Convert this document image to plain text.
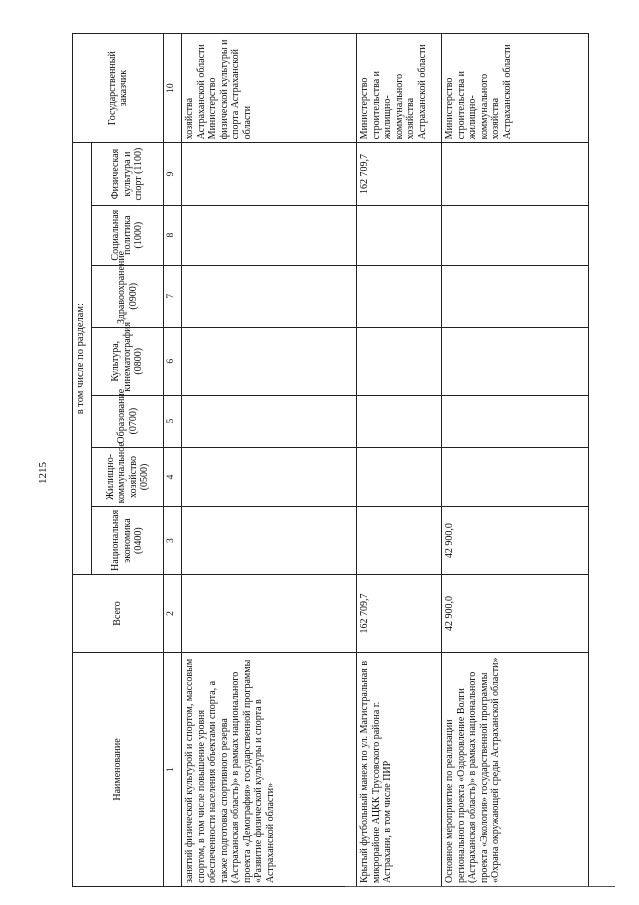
1215
Наименование	Всего	в том числе по разделам:							Государственный заказчик
		Национальная экономика (0400)	Жилищно-коммунальное хозяйство (0500)	Образование (0700)	Культура, кинематография (0800)	Здравоохранение (0900)	Социальная политика (1000)	Физическая культура и спорт (1100)	
1	2	3	4	5	6	7	8	9	10
занятий физической культурой и спортом, массовым спортом, в том числе повышение уровня обеспеченности населения объектами спорта, а также подготовка спортивного резерва (Астраханская область)» в рамках национального проекта «Демография» государственной программы «Развитие физической культуры и спорта в Астраханской области»									хозяйства Астраханской области Министерство физической культуры и спорта Астраханской области
Крытый футбольный манеж по ул. Магистральная в микрорайоне АЦКК Трусовского района г. Астрахани, в том числе ПИР	162 709,7							162 709,7	Министерство строительства и жилищно-коммунального хозяйства Астраханской области
Основное мероприятие по реализации регионального проекта «Оздоровление Волги (Астраханская область)» в рамках национального проекта «Экология» государственной программы «Охрана окружающей среды Астраханской области»	42 900,0	42 900,0							Министерство строительства и жилищно-коммунального хозяйства Астраханской области
